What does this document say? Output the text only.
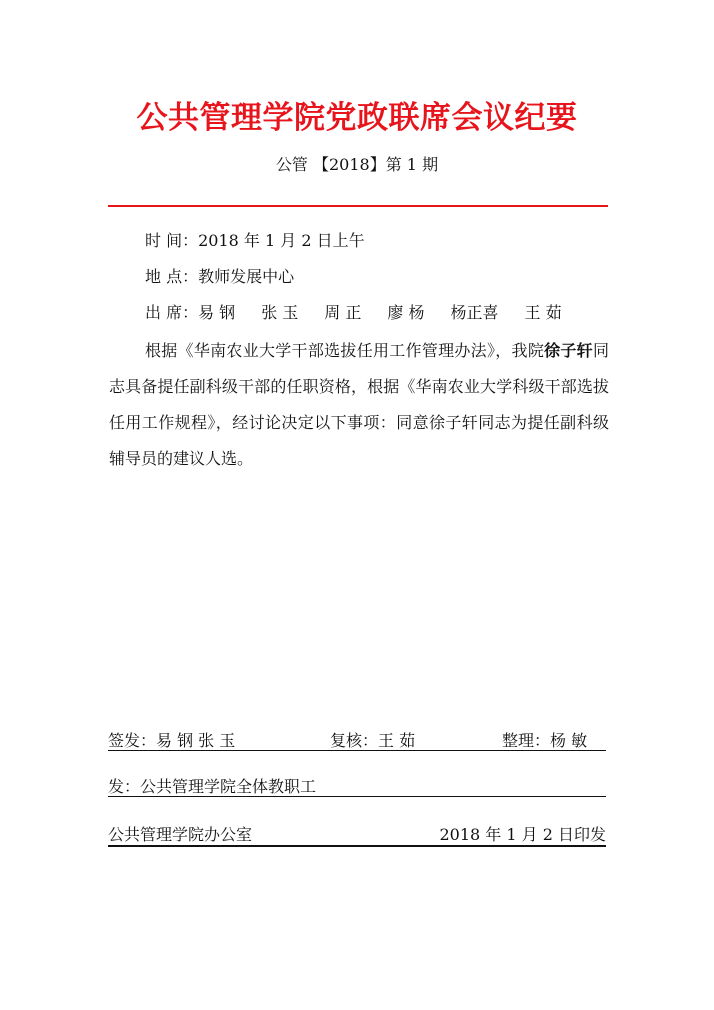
公共管理学院党政联席会议纪要
公管 【2018】第 1 期
时 间：2018 年 1 月 2 日上午
地 点：教师发展中心
出 席：易 钢 张 玉 周 正 廖 杨 杨正喜 王 茹
根据《华南农业大学干部选拔任用工作管理办法》，我院徐子轩同志具备提任副科级干部的任职资格，根据《华南农业大学科级干部选拔任用工作规程》，经讨论决定以下事项：同意徐子轩同志为提任副科级辅导员的建议人选。
签发：易 钢 张 玉	复核：王 茹	整理：杨 敏
发：公共管理学院全体教职工
公共管理学院办公室	2018 年 1 月 2 日印发
